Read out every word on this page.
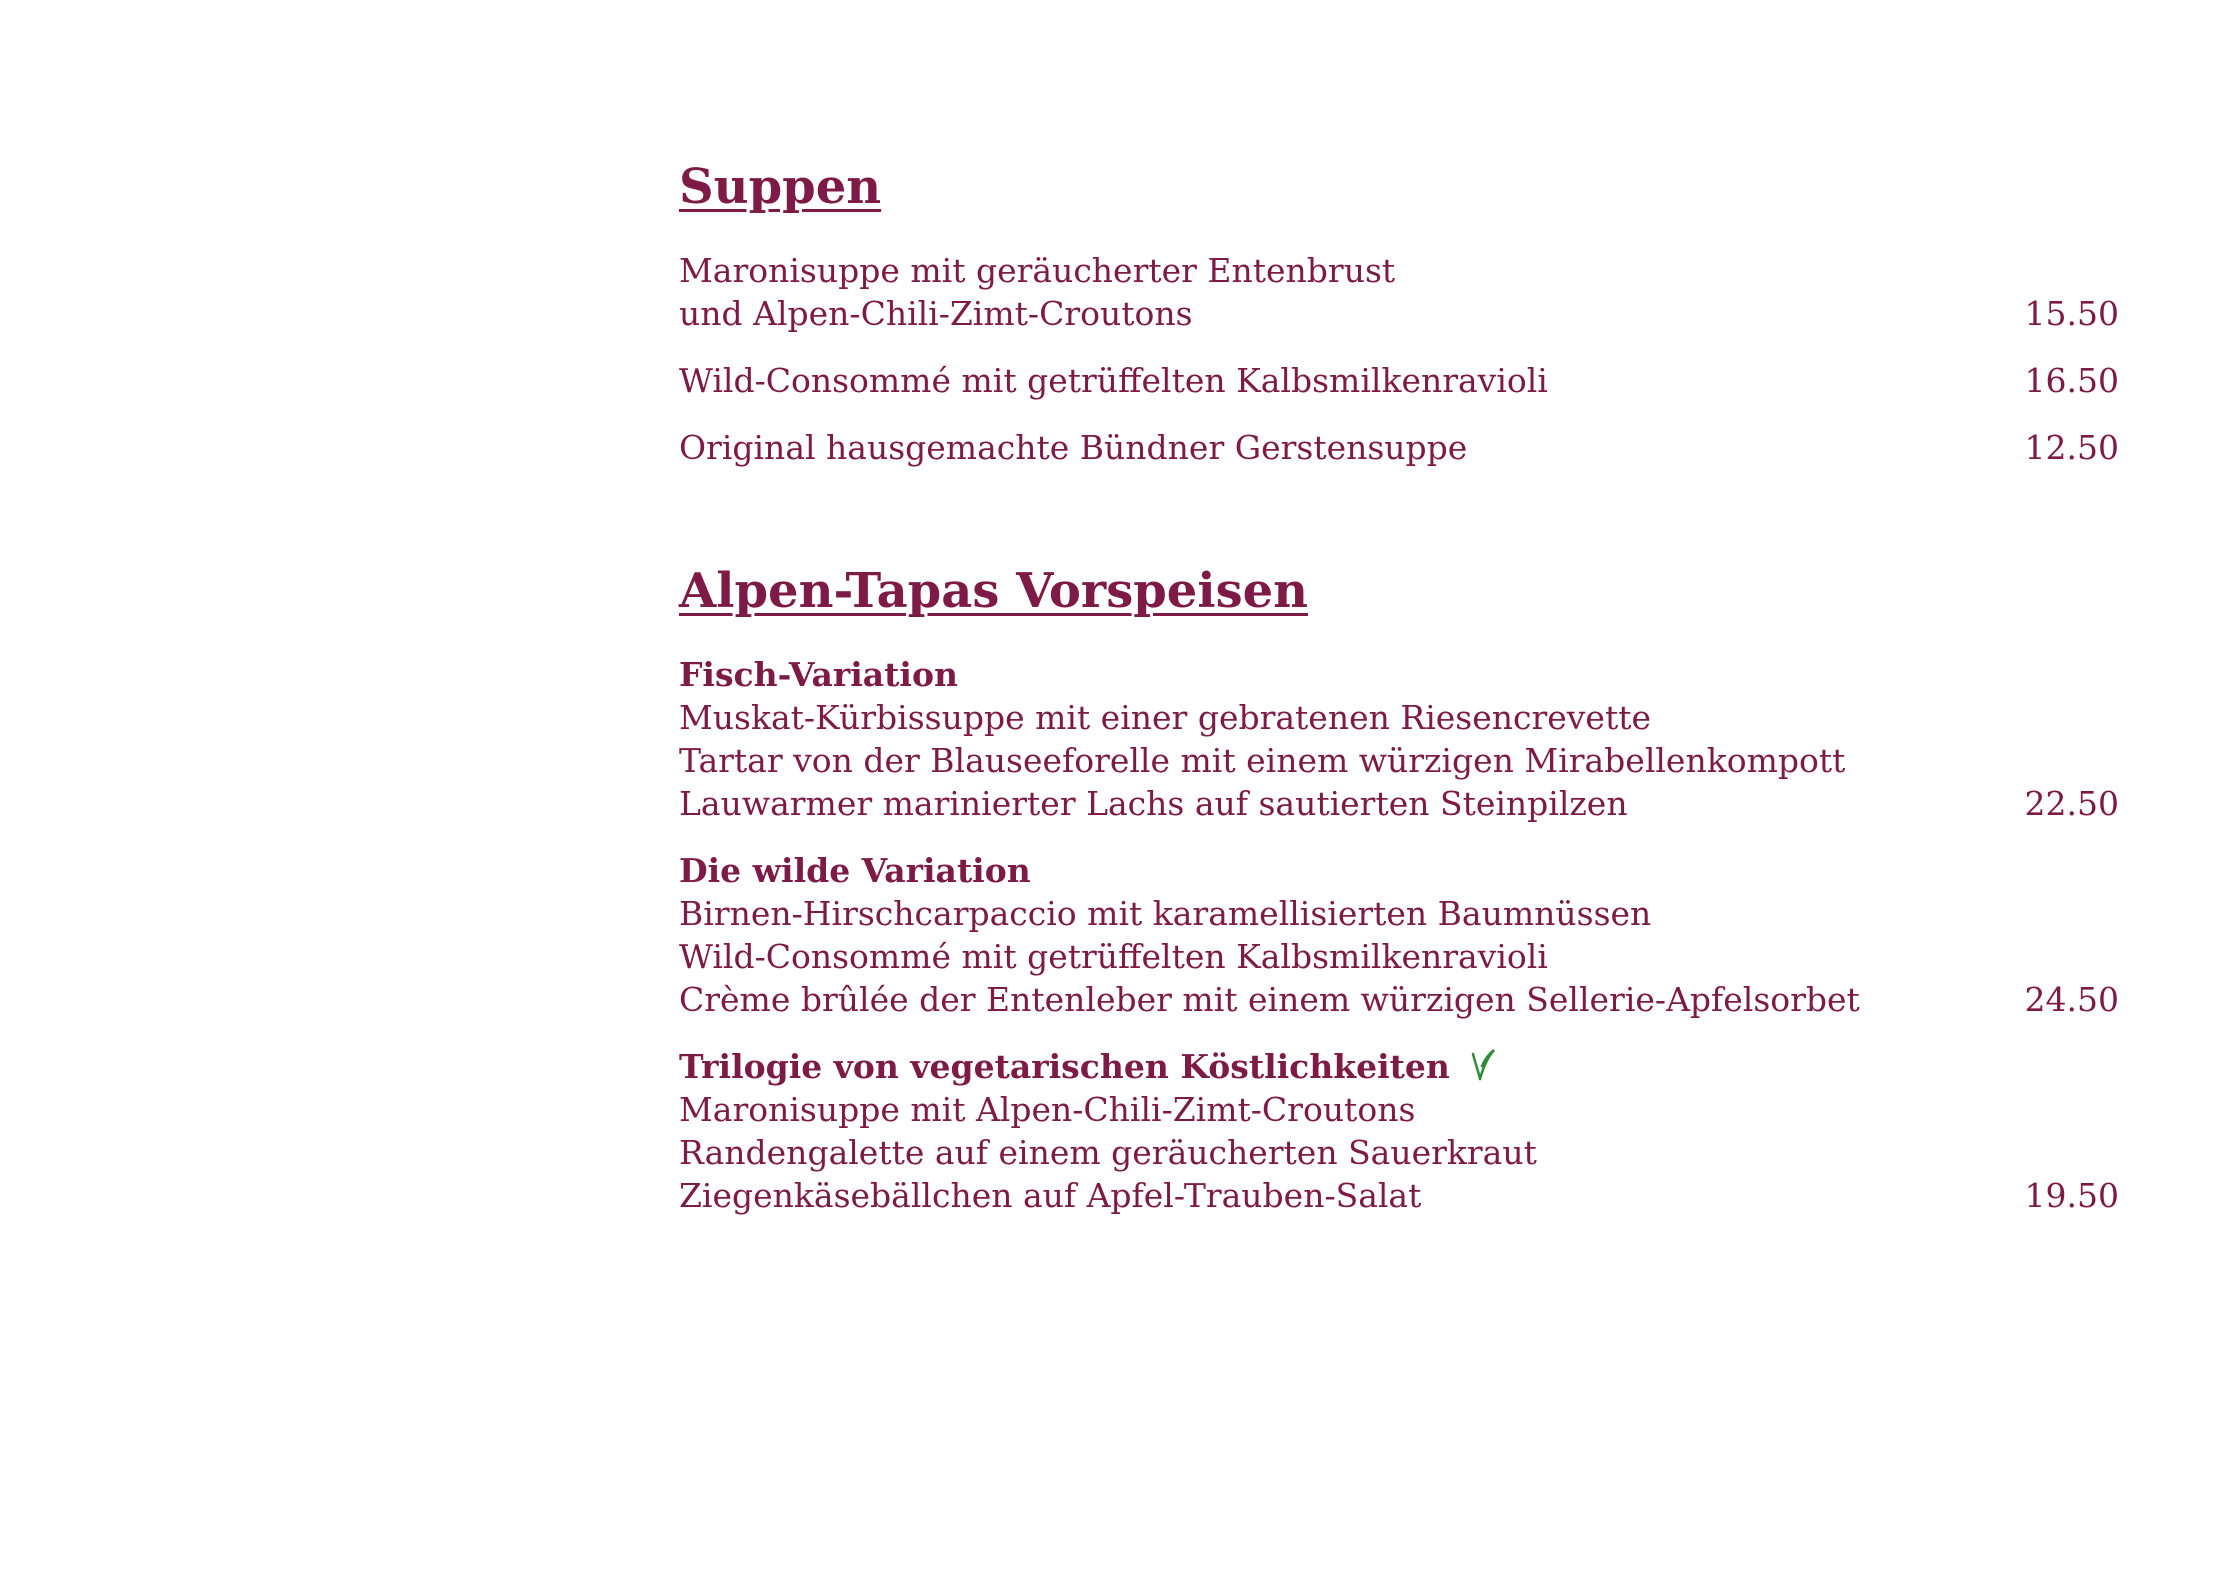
Suppen
Maronisuppe mit geräucherter Entenbrust
und Alpen-Chili-Zimt-Croutons	15.50
Wild-Consommé mit getrüffelten Kalbsmilkenravioli	16.50
Original hausgemachte Bündner Gerstensuppe	12.50
Alpen-Tapas Vorspeisen
Fisch-Variation
Muskat-Kürbissuppe mit einer gebratenen Riesencrevette
Tartar von der Blauseeforelle mit einem würzigen Mirabellenkompott
Lauwarmer marinierter Lachs auf sautierten Steinpilzen	22.50
Die wilde Variation
Birnen-Hirschcarpaccio mit karamellisierten Baumnüssen
Wild-Consommé mit getrüffelten Kalbsmilkenravioli
Crème brûlée der Entenleber mit einem würzigen Sellerie-Apfelsorbet	24.50
Trilogie von vegetarischen Köstlichkeiten
Maronisuppe mit Alpen-Chili-Zimt-Croutons
Randengalette auf einem geräucherten Sauerkraut
Ziegenkäsebällchen auf Apfel-Trauben-Salat	19.50
